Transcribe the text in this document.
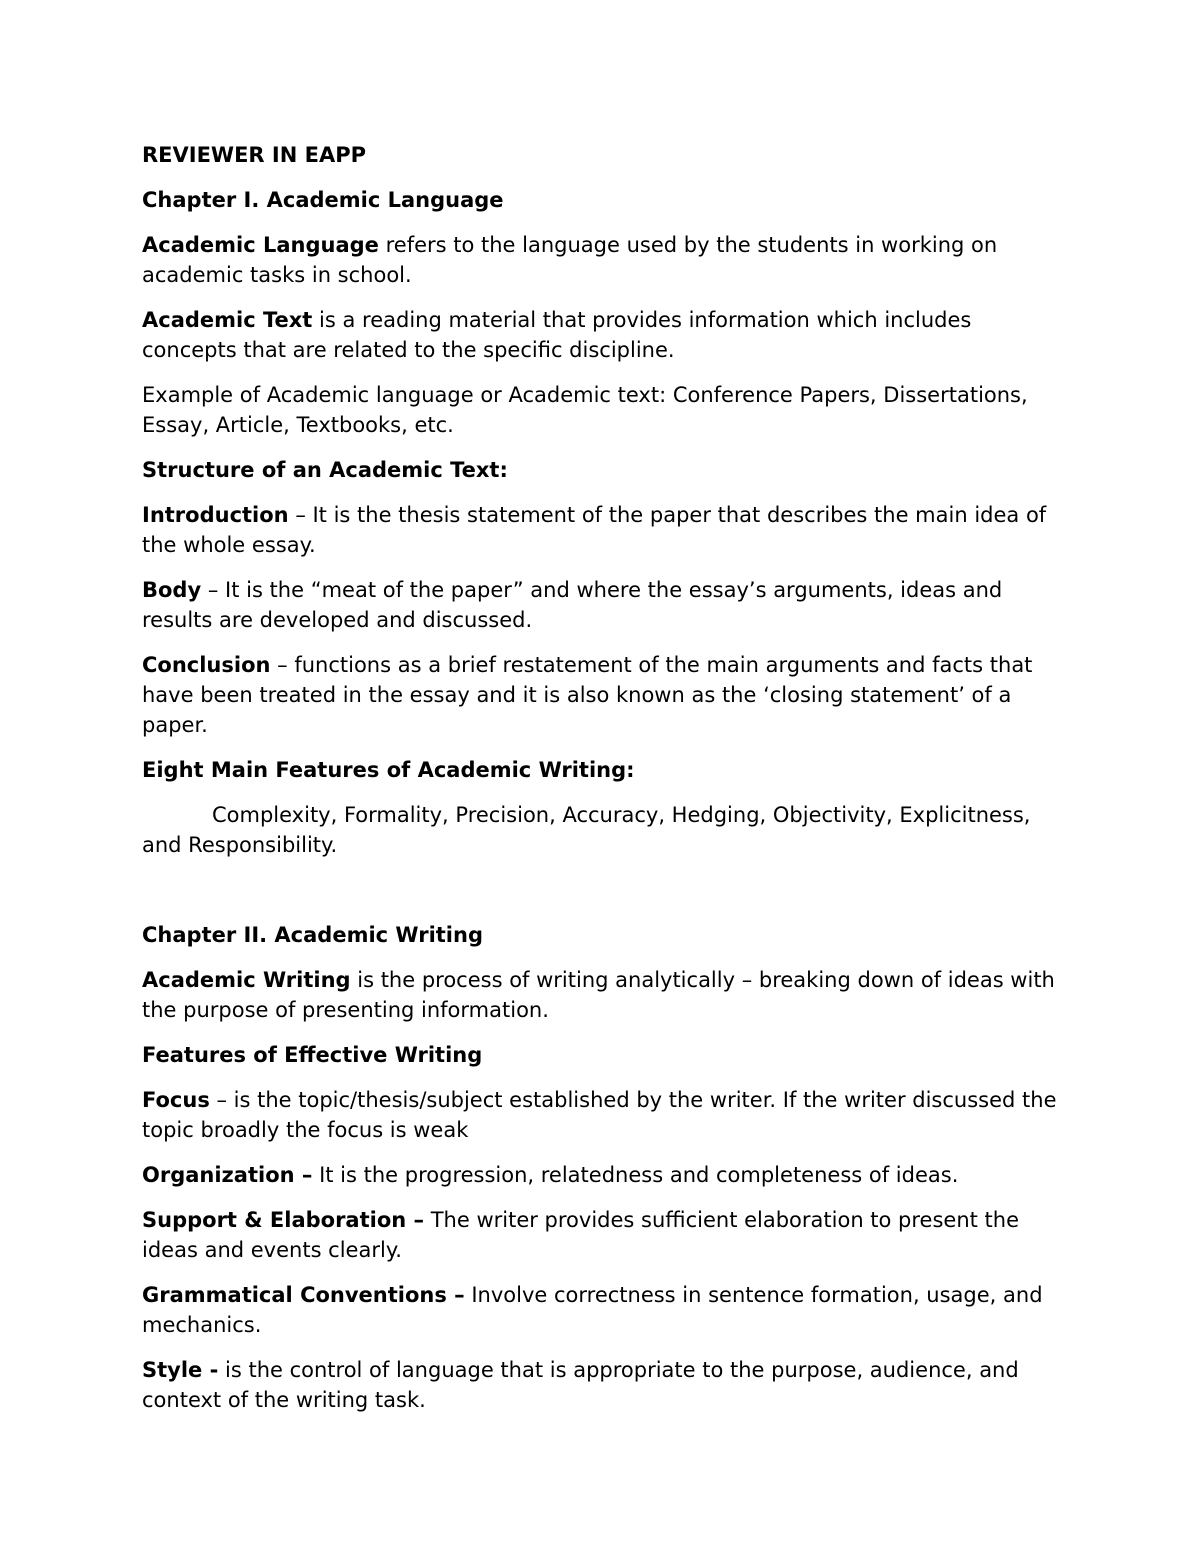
REVIEWER IN EAPP

Chapter I. Academic Language

Academic Language refers to the language used by the students in working on academic tasks in school.

Academic Text is a reading material that provides information which includes concepts that are related to the specific discipline.

Example of Academic language or Academic text: Conference Papers, Dissertations, Essay, Article, Textbooks, etc.

Structure of an Academic Text:

Introduction – It is the thesis statement of the paper that describes the main idea of the whole essay.

Body – It is the “meat of the paper” and where the essay’s arguments, ideas and results are developed and discussed.

Conclusion – functions as a brief restatement of the main arguments and facts that have been treated in the essay and it is also known as the ‘closing statement’ of a paper.

Eight Main Features of Academic Writing:

Complexity, Formality, Precision, Accuracy, Hedging, Objectivity, Explicitness, and Responsibility.

Chapter II. Academic Writing

Academic Writing is the process of writing analytically – breaking down of ideas with the purpose of presenting information.

Features of Effective Writing

Focus – is the topic/thesis/subject established by the writer. If the writer discussed the topic broadly the focus is weak

Organization – It is the progression, relatedness and completeness of ideas.

Support & Elaboration – The writer provides sufficient elaboration to present the ideas and events clearly.

Grammatical Conventions – Involve correctness in sentence formation, usage, and mechanics.

Style - is the control of language that is appropriate to the purpose, audience, and context of the writing task.
